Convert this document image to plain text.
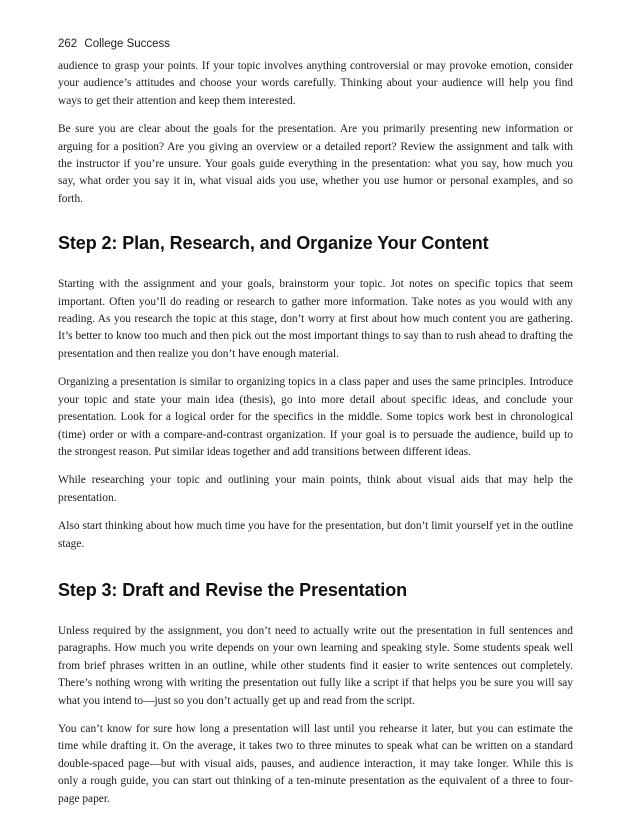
262 College Success

audience to grasp your points. If your topic involves anything controversial or may provoke emotion, consider your audience’s attitudes and choose your words carefully. Thinking about your audience will help you find ways to get their attention and keep them interested.

Be sure you are clear about the goals for the presentation. Are you primarily presenting new information or arguing for a position? Are you giving an overview or a detailed report? Review the assignment and talk with the instructor if you’re unsure. Your goals guide everything in the presentation: what you say, how much you say, what order you say it in, what visual aids you use, whether you use humor or personal examples, and so forth.

Step 2: Plan, Research, and Organize Your Content

Starting with the assignment and your goals, brainstorm your topic. Jot notes on specific topics that seem important. Often you’ll do reading or research to gather more information. Take notes as you would with any reading. As you research the topic at this stage, don’t worry at first about how much content you are gathering. It’s better to know too much and then pick out the most important things to say than to rush ahead to drafting the presentation and then realize you don’t have enough material.

Organizing a presentation is similar to organizing topics in a class paper and uses the same principles. Introduce your topic and state your main idea (thesis), go into more detail about specific ideas, and conclude your presentation. Look for a logical order for the specifics in the middle. Some topics work best in chronological (time) order or with a compare-and-contrast organization. If your goal is to persuade the audience, build up to the strongest reason. Put similar ideas together and add transitions between different ideas.

While researching your topic and outlining your main points, think about visual aids that may help the presentation.

Also start thinking about how much time you have for the presentation, but don’t limit yourself yet in the outline stage.

Step 3: Draft and Revise the Presentation

Unless required by the assignment, you don’t need to actually write out the presentation in full sentences and paragraphs. How much you write depends on your own learning and speaking style. Some students speak well from brief phrases written in an outline, while other students find it easier to write sentences out completely. There’s nothing wrong with writing the presentation out fully like a script if that helps you be sure you will say what you intend to—just so you don’t actually get up and read from the script.

You can’t know for sure how long a presentation will last until you rehearse it later, but you can estimate the time while drafting it. On the average, it takes two to three minutes to speak what can be written on a standard double-spaced page—but with visual aids, pauses, and audience interaction, it may take longer. While this is only a rough guide, you can start out thinking of a ten-minute presentation as the equivalent of a three to four-page paper.
